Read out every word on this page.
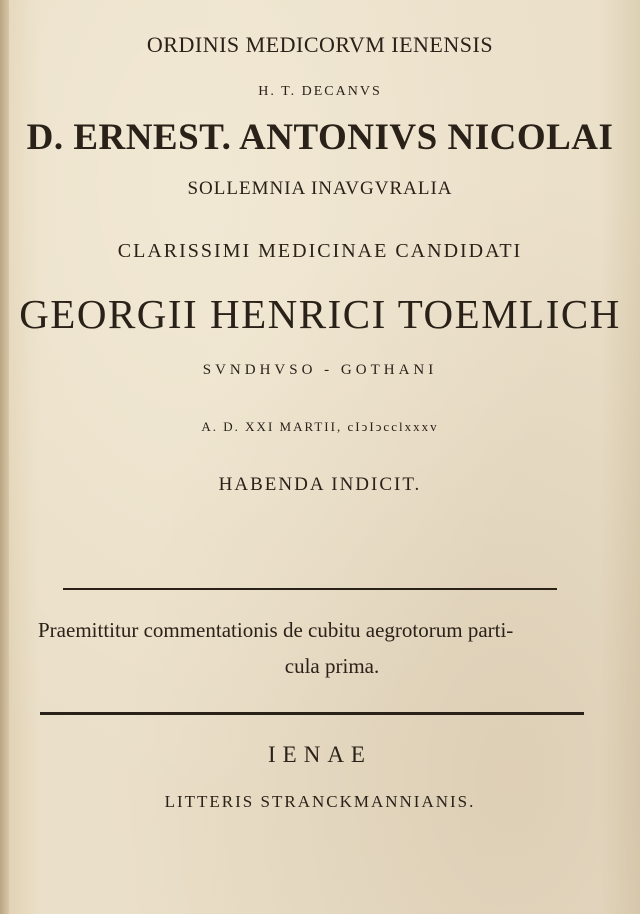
ORDINIS MEDICORVM IENENSIS
H. T. DECANVS
D. ERNEST. ANTONIVS NICOLAI
SOLLEMNIA INAVGVRALIA
CLARISSIMI MEDICINAE CANDIDATI
GEORGII HENRICI TOEMLICH
SVNDHVSO - GOTHANI
A. D. XXI MARTII, cIↄIↄcclxxxv
HABENDA INDICIT.
Praemittitur commentationis de cubitu aegrotorum parti-
cula prima.
IENAE
LITTERIS STRANCKMANNIANIS.
